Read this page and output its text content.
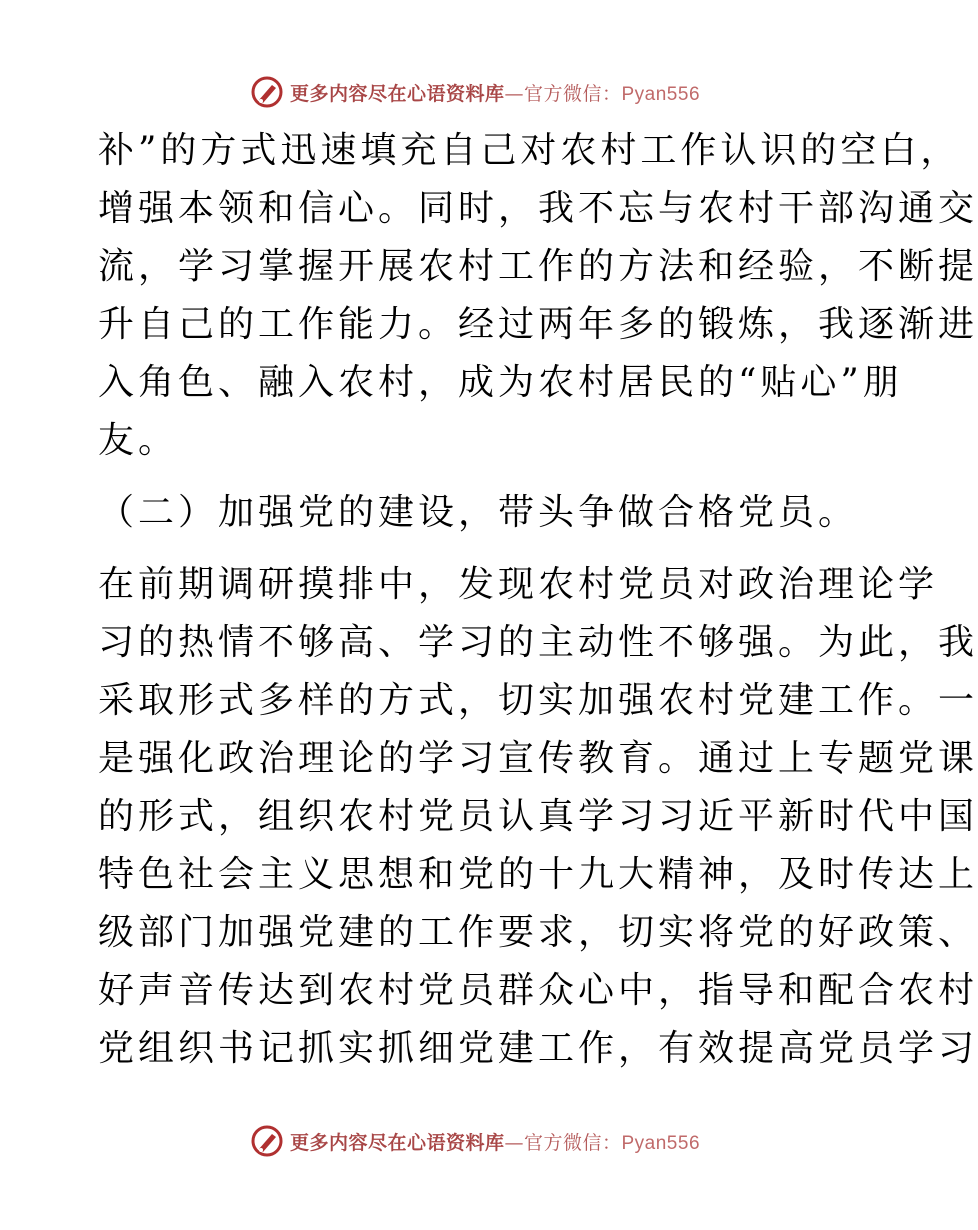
更多内容尽在心语资料库—官方微信：Pyan556
补”的方式迅速填充自己对农村工作认识的空白，
增强本领和信心。同时，我不忘与农村干部沟通交
流，学习掌握开展农村工作的方法和经验，不断提
升自己的工作能力。经过两年多的锻炼，我逐渐进
入角色、融入农村，成为农村居民的“贴心”朋
友。
（二）加强党的建设，带头争做合格党员。
在前期调研摸排中，发现农村党员对政治理论学
习的热情不够高、学习的主动性不够强。为此，我
采取形式多样的方式，切实加强农村党建工作。一
是强化政治理论的学习宣传教育。通过上专题党课
的形式，组织农村党员认真学习习近平新时代中国
特色社会主义思想和党的十九大精神，及时传达上
级部门加强党建的工作要求，切实将党的好政策、
好声音传达到农村党员群众心中，指导和配合农村
党组织书记抓实抓细党建工作，有效提高党员学习
更多内容尽在心语资料库—官方微信：Pyan556
